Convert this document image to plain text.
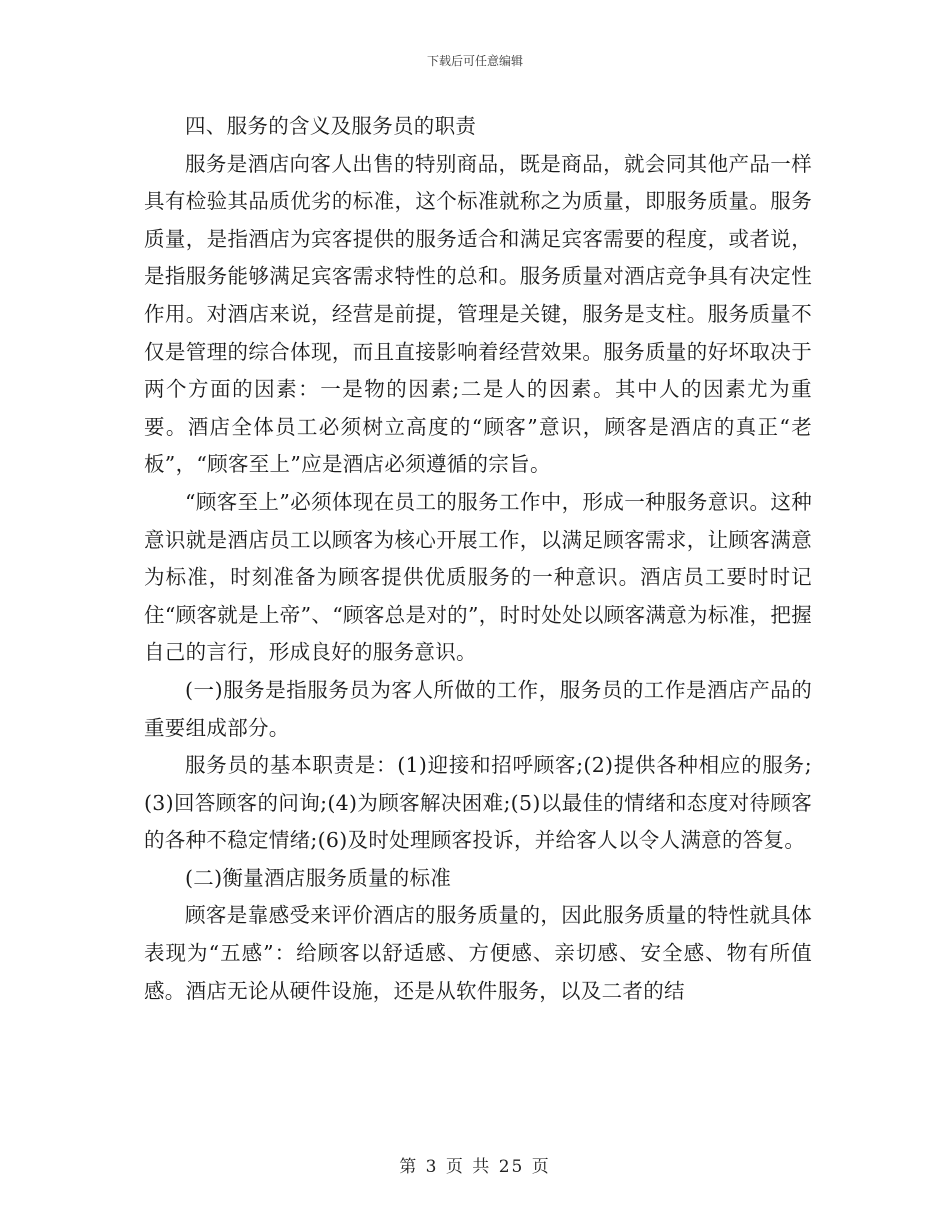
下载后可任意编辑

四、服务的含义及服务员的职责

服务是酒店向客人出售的特别商品，既是商品，就会同其他产品一样具有检验其品质优劣的标准，这个标准就称之为质量，即服务质量。服务质量，是指酒店为宾客提供的服务适合和满足宾客需要的程度，或者说，是指服务能够满足宾客需求特性的总和。服务质量对酒店竞争具有决定性作用。对酒店来说，经营是前提，管理是关键，服务是支柱。服务质量不仅是管理的综合体现，而且直接影响着经营效果。服务质量的好坏取决于两个方面的因素：一是物的因素;二是人的因素。其中人的因素尤为重要。酒店全体员工必须树立高度的“顾客”意识，顾客是酒店的真正“老板”，“顾客至上”应是酒店必须遵循的宗旨。

“顾客至上”必须体现在员工的服务工作中，形成一种服务意识。这种意识就是酒店员工以顾客为核心开展工作，以满足顾客需求，让顾客满意为标准，时刻准备为顾客提供优质服务的一种意识。酒店员工要时时记住“顾客就是上帝”、“顾客总是对的”，时时处处以顾客满意为标准，把握自己的言行，形成良好的服务意识。

(一)服务是指服务员为客人所做的工作，服务员的工作是酒店产品的重要组成部分。

服务员的基本职责是：(1)迎接和招呼顾客;(2)提供各种相应的服务;(3)回答顾客的问询;(4)为顾客解决困难;(5)以最佳的情绪和态度对待顾客的各种不稳定情绪;(6)及时处理顾客投诉，并给客人以令人满意的答复。

(二)衡量酒店服务质量的标准

顾客是靠感受来评价酒店的服务质量的，因此服务质量的特性就具体表现为“五感”：给顾客以舒适感、方便感、亲切感、安全感、物有所值感。酒店无论从硬件设施，还是从软件服务，以及二者的结

第 3 页 共 25 页
